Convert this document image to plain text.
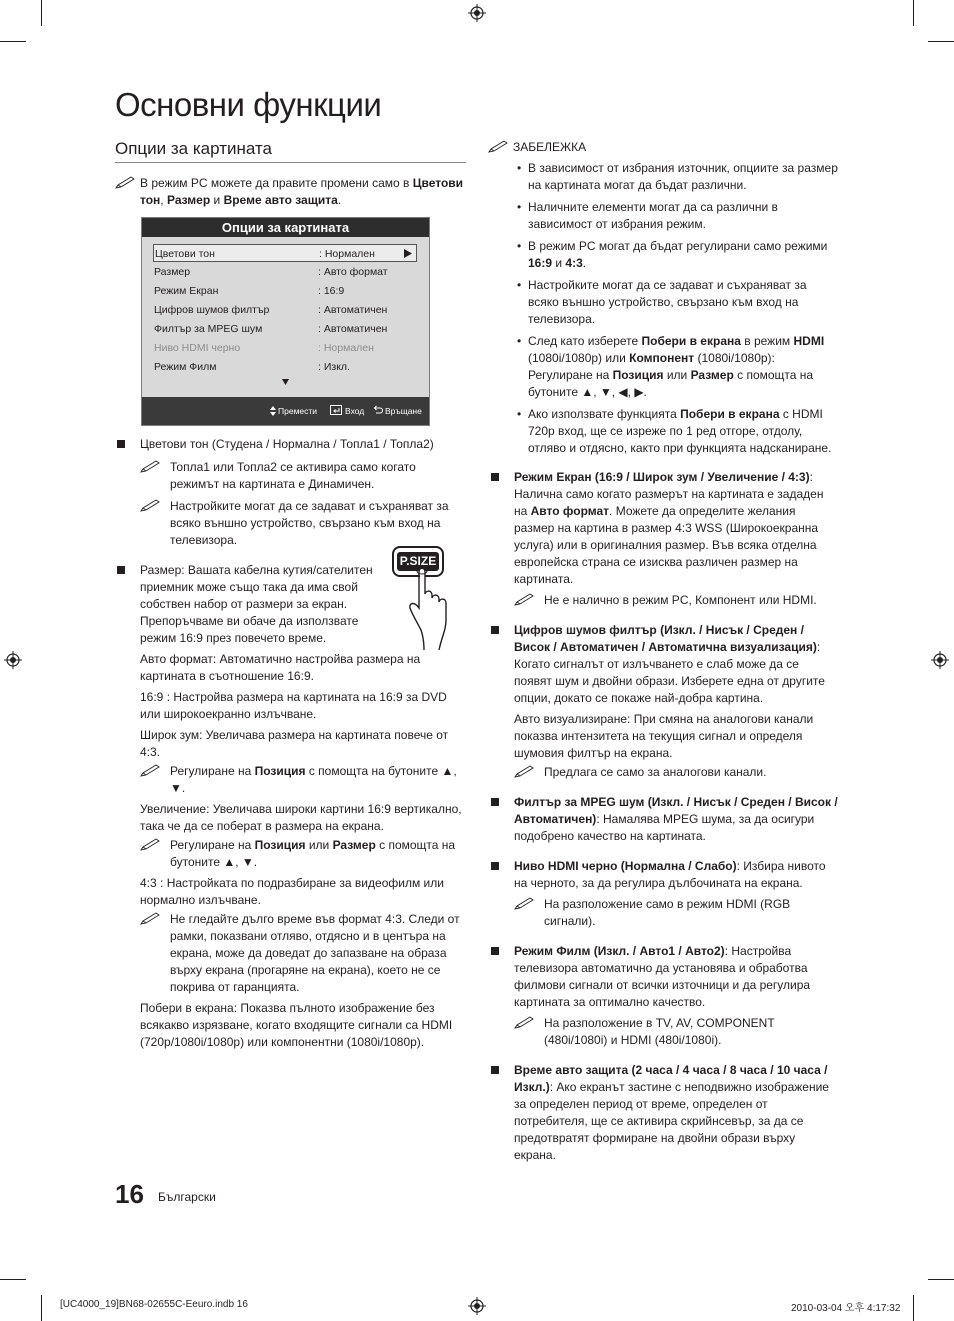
Основни функции
Опции за картината
В режим PC можете да правите промени само в Цветови тон, Размер и Време авто защита.
Опции за картината
Цветови тон	: Нормален
Размер	: Авто формат
Режим Екран	: 16:9
Цифров шумов филтър	: Автоматичен
Филтър за MPEG шум	: Автоматичен
Ниво HDMI черно	: Нормален
Режим Филм	: Изкл.
Премести	Вход Връщане

Цветови тон (Студена / Нормална / Топла1 / Топла2)

Топла1 или Топла2 се активира само когато режимът на картината е Динамичен.
Настройките могат да се задават и съхраняват за всяко външно устройство, свързано към вход на телевизора.

Размер: Вашата кабелна кутия/сателитен приемник може също така да има свой собствен набор от размери за екран. Препоръчваме ви обаче да използвате режим 16:9 през повечето време.

Авто формат: Автоматично настройва размера на картината в съотношение 16:9.

16:9 : Настройва размера на картината на 16:9 за DVD или широкоекранно излъчване.

Широк зум: Увеличава размера на картината повече от 4:3.

Регулиране на Позиция с помощта на бутоните ▲, ▼.

Увеличение: Увеличава широки картини 16:9 вертикално, така че да се поберат в размера на екрана.

Регулиране на Позиция или Размер с помощта на бутоните ▲, ▼.

4:3 : Настройката по подразбиране за видеофилм или нормално излъчване.

Не гледайте дълго време във формат 4:3. Следи от рамки, показвани отляво, отдясно и в центъра на екрана, може да доведат до запазване на образа върху екрана (прогаряне на екрана), което не се покрива от гаранцията.

Побери в екрана: Показва пълното изображение без всякакво изрязване, когато входящите сигнали са HDMI (720p/1080i/1080p) или компонентни (1080i/1080p).

P.SIZE
ЗАБЕЛЕЖКА
• В зависимост от избрания източник, опциите за размер на картината могат да бъдат различни.
• Наличните елементи могат да са различни в зависимост от избрания режим.
• В режим PC могат да бъдат регулирани само режими 16:9 и 4:3.
• Настройките могат да се задават и съхраняват за всяко външно устройство, свързано към вход на телевизора.
• След като изберете Побери в екрана в режим HDMI (1080i/1080p) или Компонент (1080i/1080p): Регулиране на Позиция или Размер с помощта на бутоните ▲, ▼, ◀, ▶.
• Ако използвате функцията Побери в екрана с HDMI 720p вход, ще се изреже по 1 ред отгоре, отдолу, отляво и отдясно, както при функцията надсканиране.

Режим Екран (16:9 / Широк зум / Увеличение / 4:3): Налична само когато размерът на картината е зададен на Авто формат. Можете да определите желания размер на картина в размер 4:3 WSS (Широкоекранна услуга) или в оригиналния размер. Във всяка отделна европейска страна се изисква различен размер на картината.

Не е налично в режим PC, Компонент или HDMI.

Цифров шумов филтър (Изкл. / Нисък / Среден / Висок / Автоматичен / Автоматична визуализация): Когато сигналът от излъчването е слаб може да се появят шум и двойни образи. Изберете една от другите опции, докато се покаже най-добра картина.

Авто визуализиране: При смяна на аналогови канали показва интензитета на текущия сигнал и определя шумовия филтър на екрана.

Предлага се само за аналогови канали.

Филтър за MPEG шум (Изкл. / Нисък / Среден / Висок / Автоматичен): Намалява MPEG шума, за да осигури подобрено качество на картината.

Ниво HDMI черно (Нормална / Слабо): Избира нивото на черното, за да регулира дълбочината на екрана.

На разположение само в режим HDMI (RGB сигнали).

Режим Филм (Изкл. / Авто1 / Авто2): Настройва телевизора автоматично да установява и обработва филмови сигнали от всички източници и да регулира картината за оптимално качество.

На разположение в TV, AV, COMPONENT (480i/1080i) и HDMI (480i/1080i).

Време авто защита (2 часа / 4 часа / 8 часа / 10 часа / Изкл.): Ако екранът застине с неподвижно изображение за определен период от време, определен от потребителя, ще се активира скрийнсевър, за да се предотвратят формиране на двойни образи върху екрана.

16 Български
[UC4000_19]BN68-02655C-Eeuro.indb 16	2010-03-04 오후 4:17:32
